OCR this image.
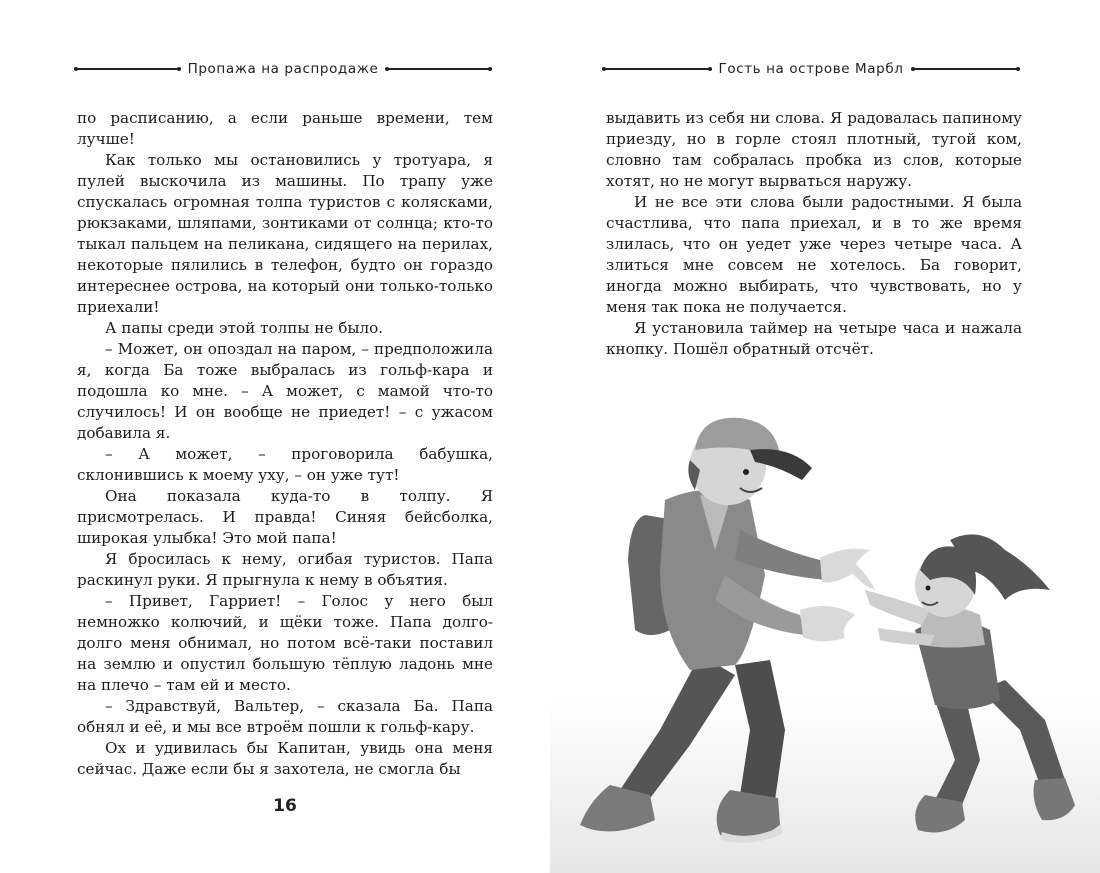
Пропажа на распродаже

по расписанию, а если раньше времени, тем лучше!

Как только мы остановились у тротуара, я пулей выскочила из машины. По трапу уже спускалась огромная толпа туристов с колясками, рюкзаками, шляпами, зонтиками от солнца; кто-то тыкал пальцем на пеликана, сидящего на перилах, некоторые пялились в телефон, будто он гораздо интереснее острова, на который они только-только приехали!

А папы среди этой толпы не было.

– Может, он опоздал на паром, – предположила я, когда Ба тоже выбралась из гольф-кара и подошла ко мне. – А может, с мамой что-то случилось! И он вообще не приедет! – с ужасом добавила я.

– А может, – проговорила бабушка, склонившись к моему уху, – он уже тут!

Она показала куда-то в толпу. Я присмотрелась. И правда! Синяя бейсболка, широкая улыбка! Это мой папа!

Я бросилась к нему, огибая туристов. Папа раскинул руки. Я прыгнула к нему в объятия.

– Привет, Гарриет! – Голос у него был немножко колючий, и щёки тоже. Папа долго-долго меня обнимал, но потом всё-таки поставил на землю и опустил большую тёплую ладонь мне на плечо – там ей и место.

– Здравствуй, Вальтер, – сказала Ба. Папа обнял и её, и мы все втроём пошли к гольф-кару.

Ох и удивилась бы Капитан, увидь она меня сейчас. Даже если бы я захотела, не смогла бы

16
Гость на острове Марбл

выдавить из себя ни слова. Я радовалась папиному приезду, но в горле стоял плотный, тугой ком, словно там собралась пробка из слов, которые хотят, но не могут вырваться наружу.

И не все эти слова были радостными. Я была счастлива, что папа приехал, и в то же время злилась, что он уедет уже через четыре часа. А злиться мне совсем не хотелось. Ба говорит, иногда можно выбирать, что чувствовать, но у меня так пока не получается.

Я установила таймер на четыре часа и нажала кнопку. Пошёл обратный отсчёт.
